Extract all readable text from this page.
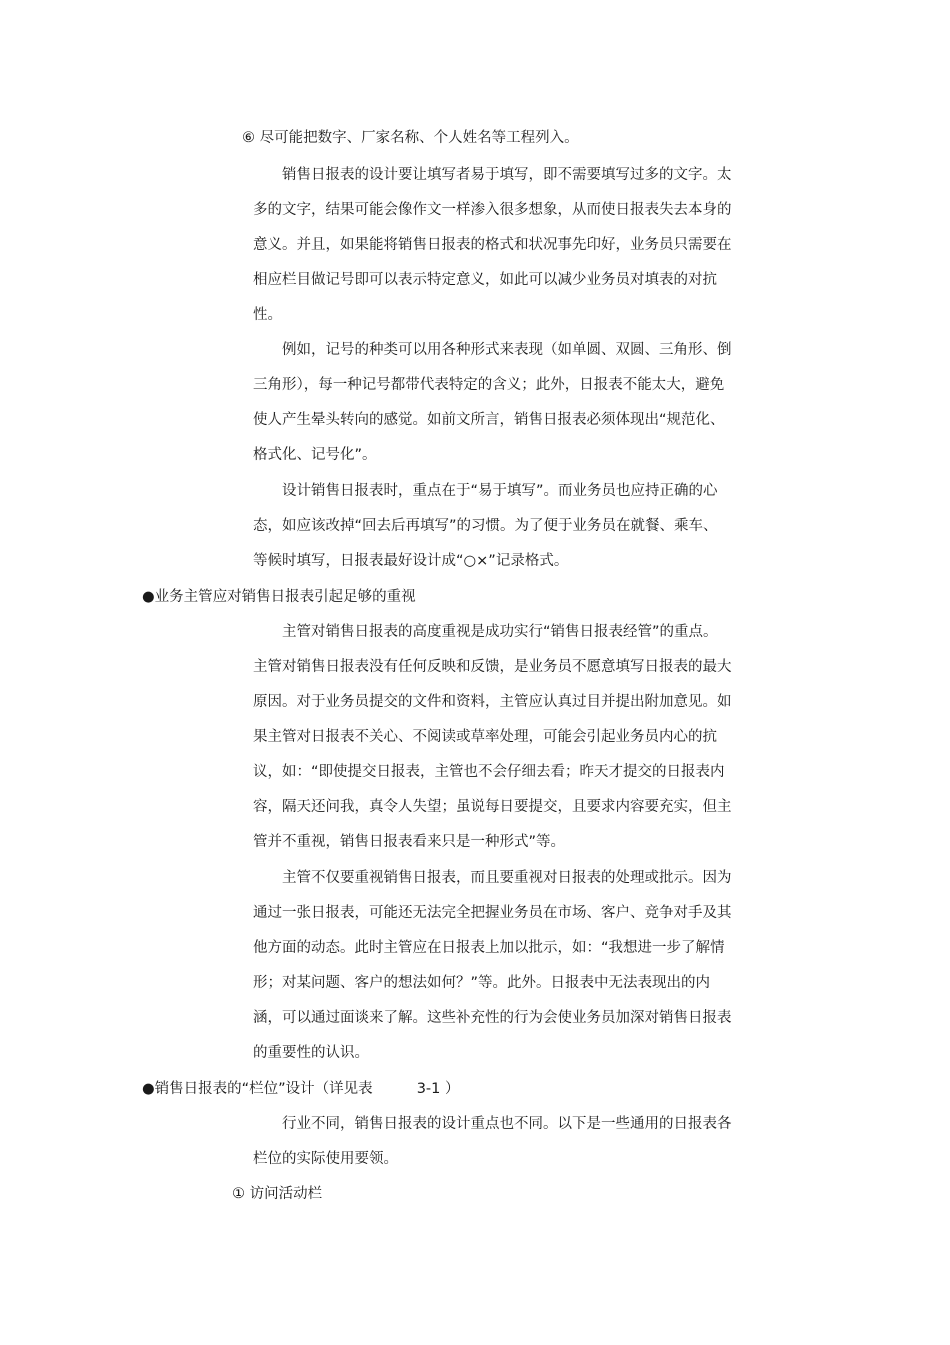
⑥ 尽可能把数字、厂家名称、个人姓名等工程列入。
　　销售日报表的设计要让填写者易于填写，即不需要填写过多的文字。太
多的文字，结果可能会像作文一样渗入很多想象，从而使日报表失去本身的
意义。并且，如果能将销售日报表的格式和状况事先印好，业务员只需要在
相应栏目做记号即可以表示特定意义，如此可以减少业务员对填表的对抗
性。
　　例如，记号的种类可以用各种形式来表现（如单圆、双圆、三角形、倒
三角形），每一种记号都带代表特定的含义；此外，日报表不能太大，避免
使人产生晕头转向的感觉。如前文所言，销售日报表必须体现出“规范化、
格式化、记号化”。
　　设计销售日报表时，重点在于“易于填写”。而业务员也应持正确的心
态，如应该改掉“回去后再填写”的习惯。为了便于业务员在就餐、乘车、
等候时填写，日报表最好设计成“○×”记录格式。
●业务主管应对销售日报表引起足够的重视
　　主管对销售日报表的高度重视是成功实行“销售日报表经管”的重点。
主管对销售日报表没有任何反映和反馈，是业务员不愿意填写日报表的最大
原因。对于业务员提交的文件和资料，主管应认真过目并提出附加意见。如
果主管对日报表不关心、不阅读或草率处理，可能会引起业务员内心的抗
议，如：“即使提交日报表，主管也不会仔细去看；昨天才提交的日报表内
容，隔天还问我，真令人失望；虽说每日要提交，且要求内容要充实，但主
管并不重视，销售日报表看来只是一种形式”等。
　　主管不仅要重视销售日报表，而且要重视对日报表的处理或批示。因为
通过一张日报表，可能还无法完全把握业务员在市场、客户、竞争对手及其
他方面的动态。此时主管应在日报表上加以批示，如：“我想进一步了解情
形；对某问题、客户的想法如何？”等。此外。日报表中无法表现出的内
涵，可以通过面谈来了解。这些补充性的行为会使业务员加深对销售日报表
的重要性的认识。
●销售日报表的“栏位”设计（详见表	3-1 ）
　　行业不同，销售日报表的设计重点也不同。以下是一些通用的日报表各
栏位的实际使用要领。
① 访问活动栏
